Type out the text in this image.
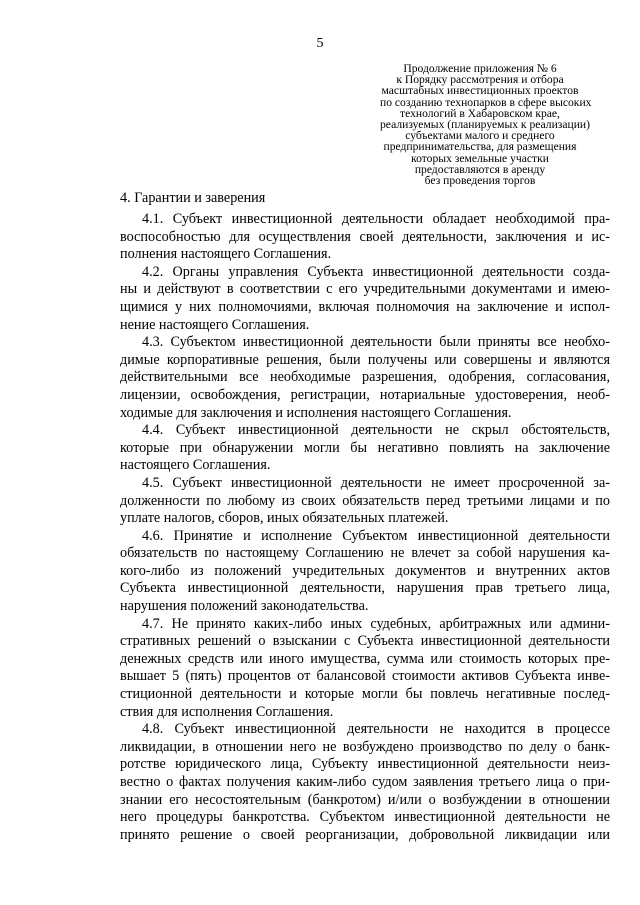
5
Продолжение приложения № 6
к Порядку рассмотрения и отбора
масштабных инвестиционных проектов
по созданию технопарков в сфере высоких
технологий в Хабаровском крае,
реализуемых (планируемых к реализации)
субъектами малого и среднего
предпринимательства, для размещения
которых земельные участки
предоставляются в аренду
без проведения торгов
4. Гарантии и заверения
4.1. Субъект инвестиционной деятельности обладает необходимой пра-
воспособностью для осуществления своей деятельности, заключения и ис-
полнения настоящего Соглашения.
4.2. Органы управления Субъекта инвестиционной деятельности созда-
ны и действуют в соответствии с его учредительными документами и имею-
щимися у них полномочиями, включая полномочия на заключение и испол-
нение настоящего Соглашения.
4.3. Субъектом инвестиционной деятельности были приняты все необхо-
димые корпоративные решения, были получены или совершены и являются
действительными все необходимые разрешения, одобрения, согласования,
лицензии, освобождения, регистрации, нотариальные удостоверения, необ-
ходимые для заключения и исполнения настоящего Соглашения.
4.4. Субъект инвестиционной деятельности не скрыл обстоятельств,
которые при обнаружении могли бы негативно повлиять на заключение
настоящего Соглашения.
4.5. Субъект инвестиционной деятельности не имеет просроченной за-
долженности по любому из своих обязательств перед третьими лицами и по
уплате налогов, сборов, иных обязательных платежей.
4.6. Принятие и исполнение Субъектом инвестиционной деятельности
обязательств по настоящему Соглашению не влечет за собой нарушения ка-
кого-либо из положений учредительных документов и внутренних актов
Субъекта инвестиционной деятельности, нарушения прав третьего лица,
нарушения положений законодательства.
4.7. Не принято каких-либо иных судебных, арбитражных или админи-
стративных решений о взыскании с Субъекта инвестиционной деятельности
денежных средств или иного имущества, сумма или стоимость которых пре-
вышает 5 (пять) процентов от балансовой стоимости активов Субъекта инве-
стиционной деятельности и которые могли бы повлечь негативные послед-
ствия для исполнения Соглашения.
4.8. Субъект инвестиционной деятельности не находится в процессе
ликвидации, в отношении него не возбуждено производство по делу о банк-
ротстве юридического лица, Субъекту инвестиционной деятельности неиз-
вестно о фактах получения каким-либо судом заявления третьего лица о при-
знании его несостоятельным (банкротом) и/или о возбуждении в отношении
него процедуры банкротства. Субъектом инвестиционной деятельности не
принято решение о своей реорганизации, добровольной ликвидации или
